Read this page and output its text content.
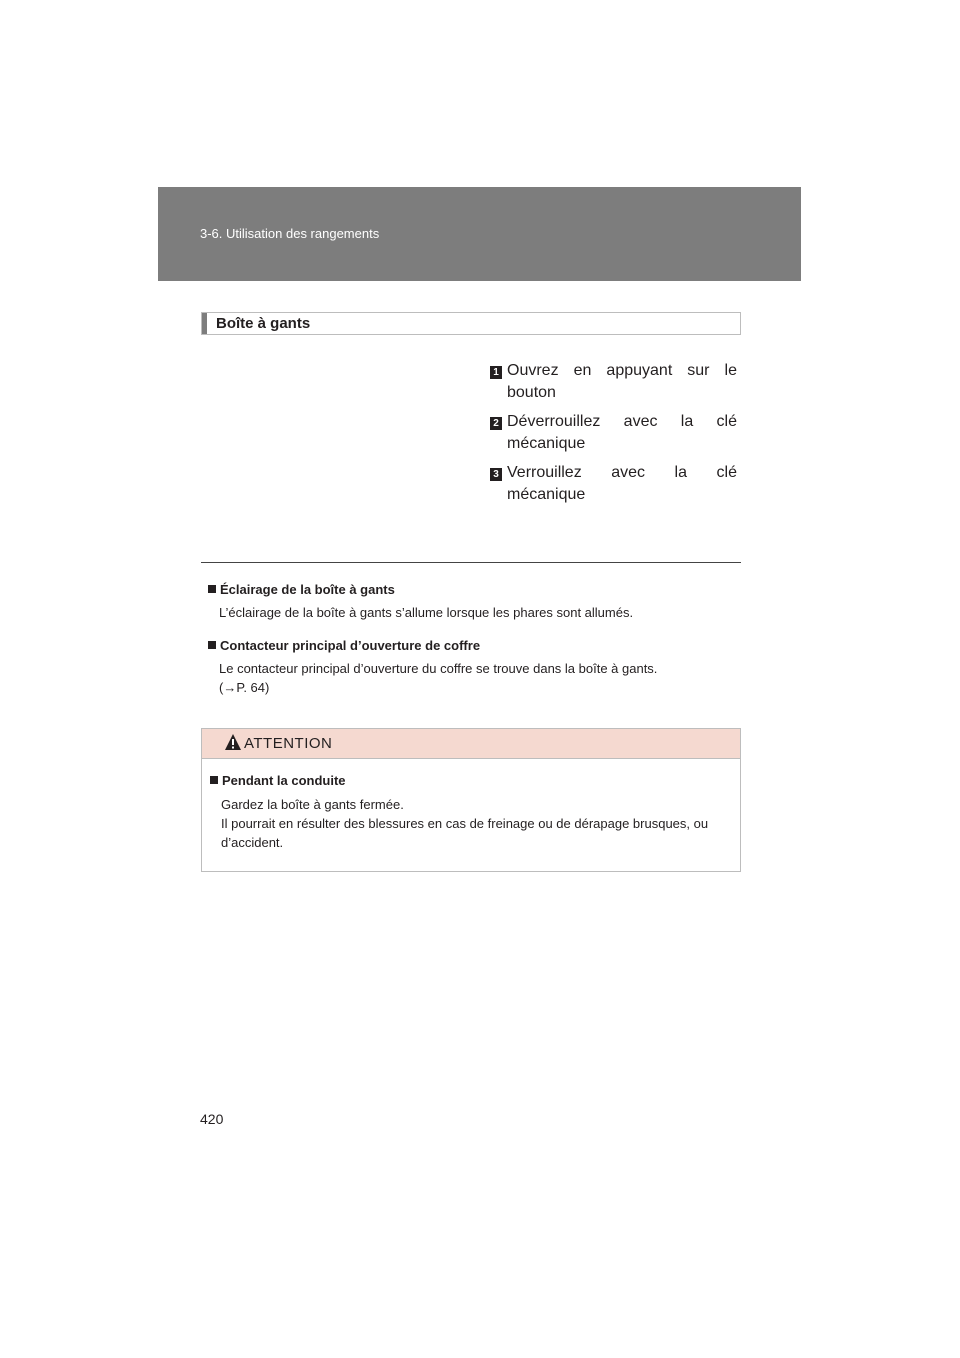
3-6. Utilisation des rangements
Boîte à gants
1 Ouvrez en appuyant sur le
bouton
2 Déverrouillez avec la clé
mécanique
3 Verrouillez avec la clé
mécanique
Éclairage de la boîte à gants
L’éclairage de la boîte à gants s’allume lorsque les phares sont allumés.
Contacteur principal d’ouverture de coffre
Le contacteur principal d’ouverture du coffre se trouve dans la boîte à gants.
(→P. 64)
ATTENTION
Pendant la conduite
Gardez la boîte à gants fermée.
Il pourrait en résulter des blessures en cas de freinage ou de dérapage brusques, ou d’accident.
420
